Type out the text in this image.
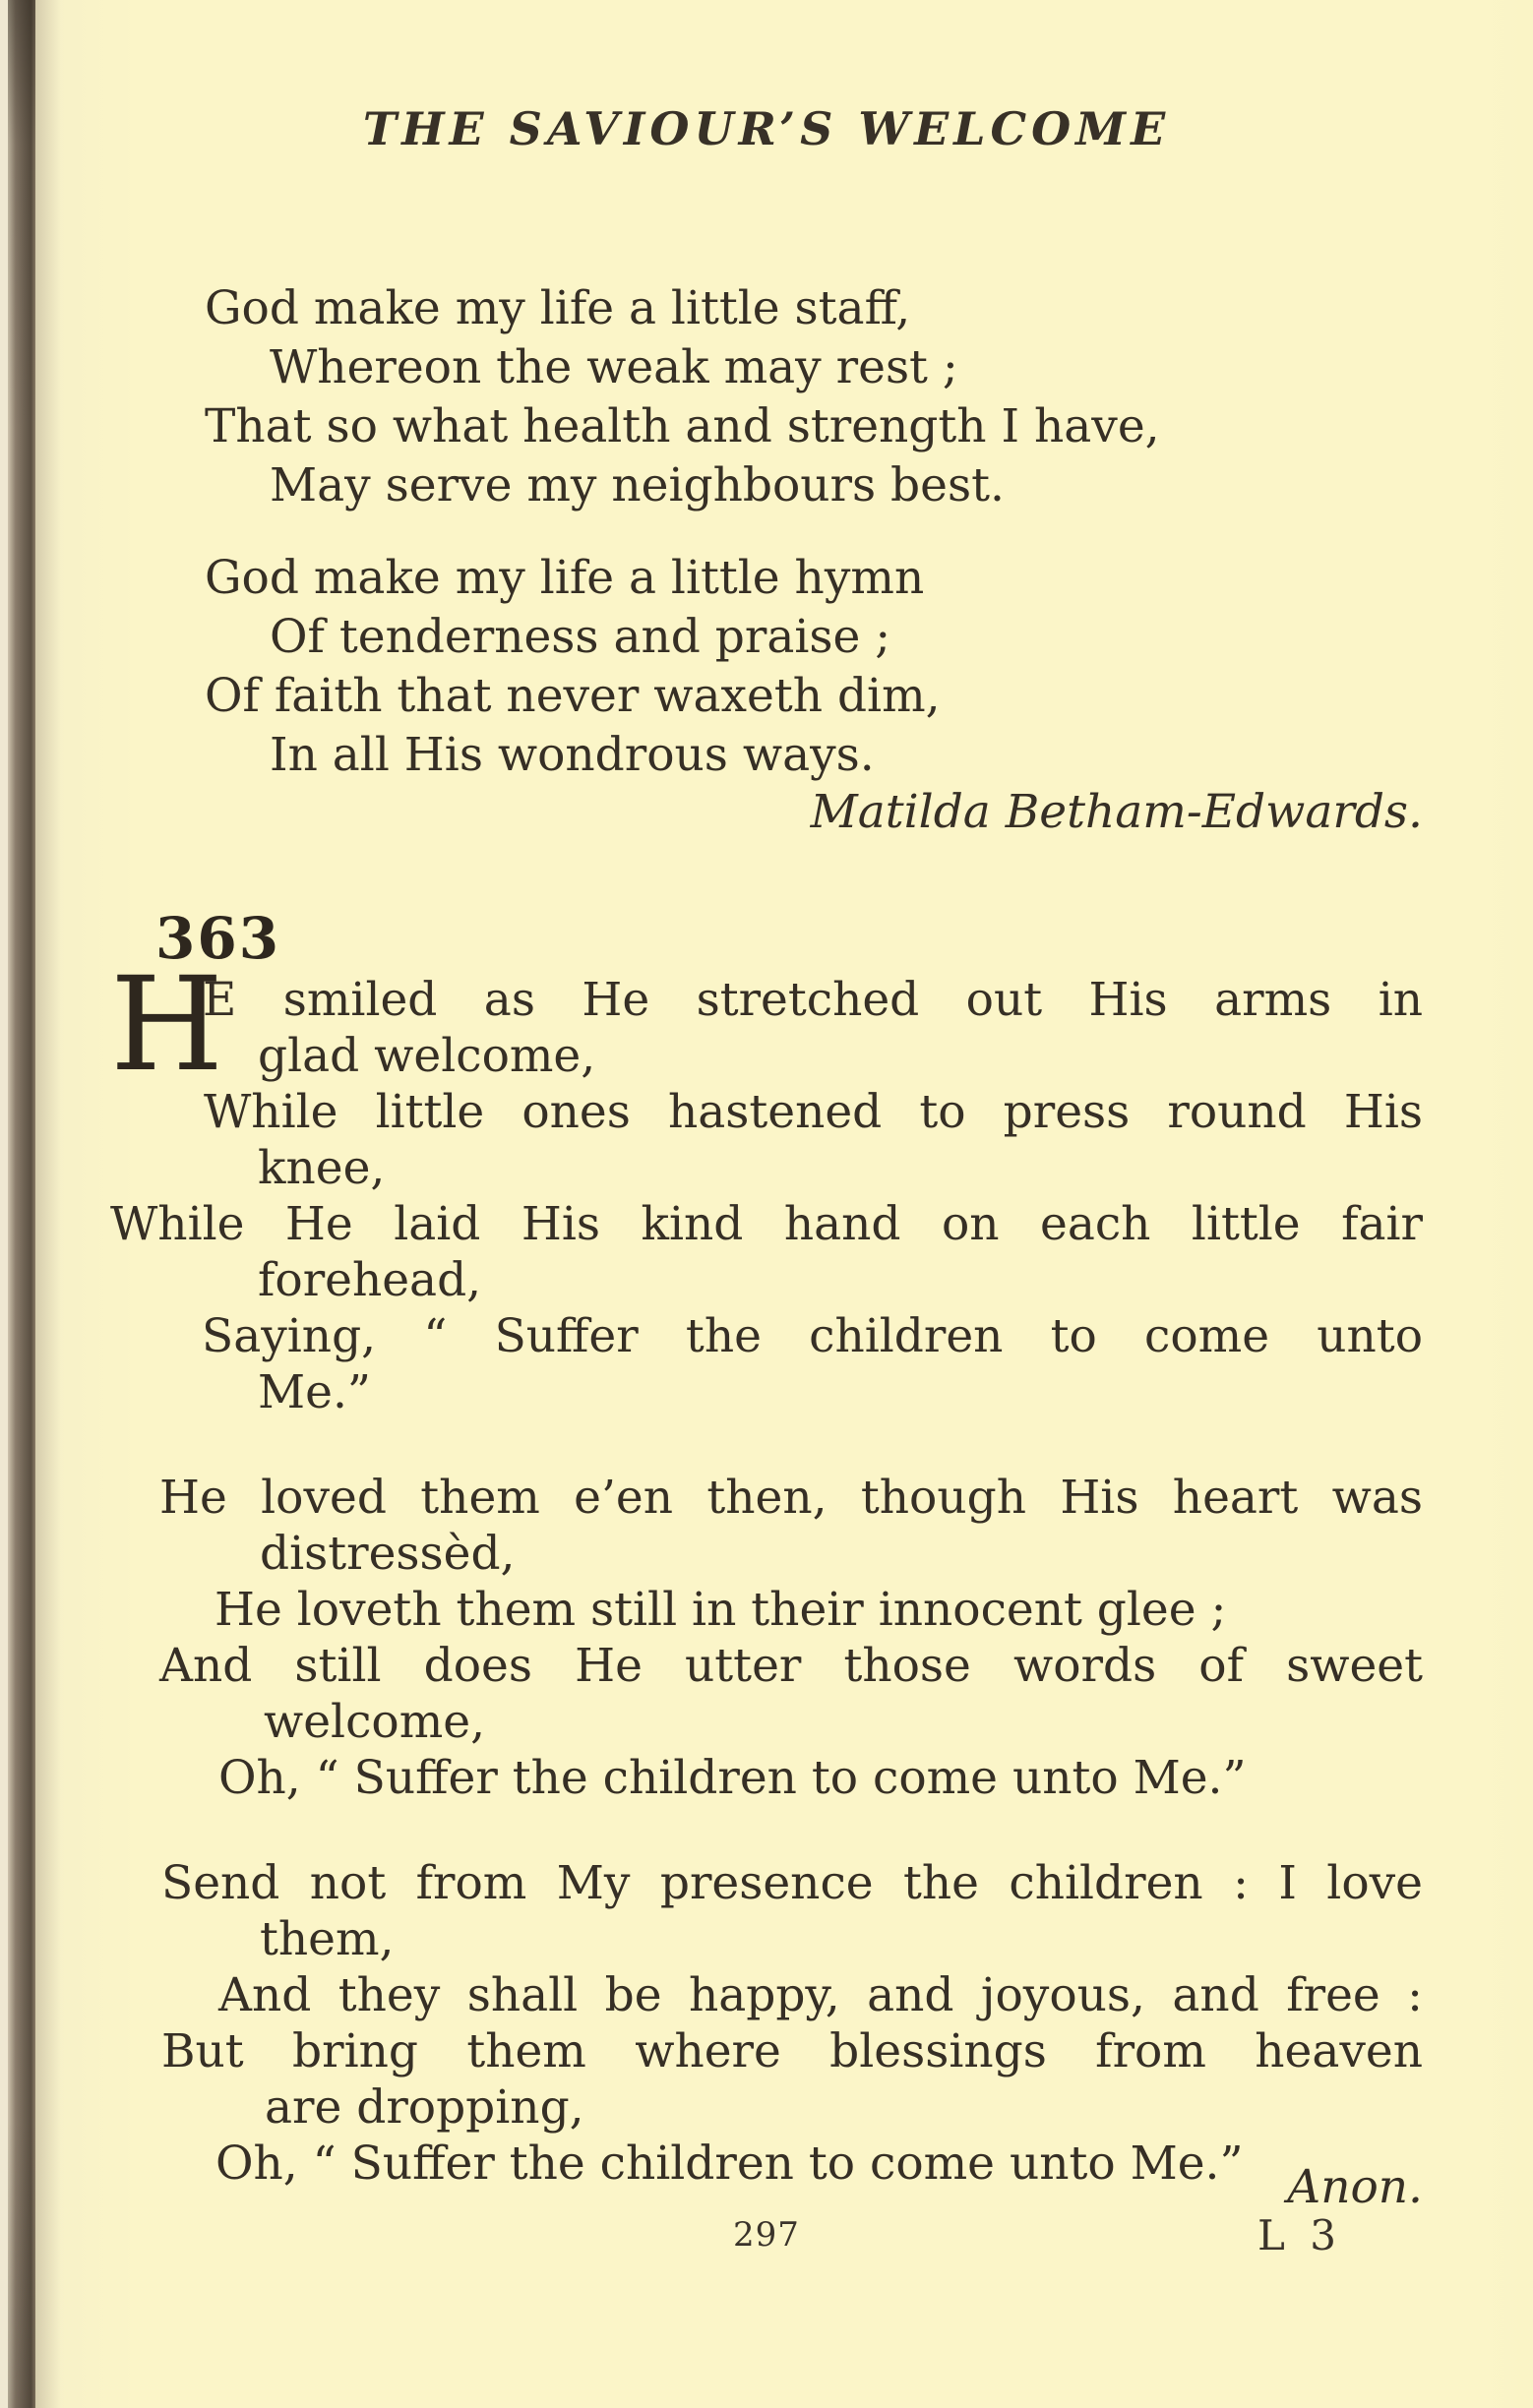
THE SAVIOUR’S WELCOME
God make my life a little staff,
Whereon the weak may rest ;
That so what health and strength I have,
May serve my neighbours best.
God make my life a little hymn
Of tenderness and praise ;
Of faith that never waxeth dim,
In all His wondrous ways.
Matilda Betham-Edwards.
363
H
E smiled as He stretched out His arms in
glad welcome,
While little ones hastened to press round His
knee,
While He laid His kind hand on each little fair
forehead,
Saying, “ Suffer the children to come unto
Me.”
He loved them e’en then, though His heart was
distressèd,
He loveth them still in their innocent glee ;
And still does He utter those words of sweet
welcome,
Oh, “ Suffer the children to come unto Me.”
Send not from My presence the children : I love
them,
And they shall be happy, and joyous, and free :
But bring them where blessings from heaven
are dropping,
Oh, “ Suffer the children to come unto Me.” Anon.
297	L 3
